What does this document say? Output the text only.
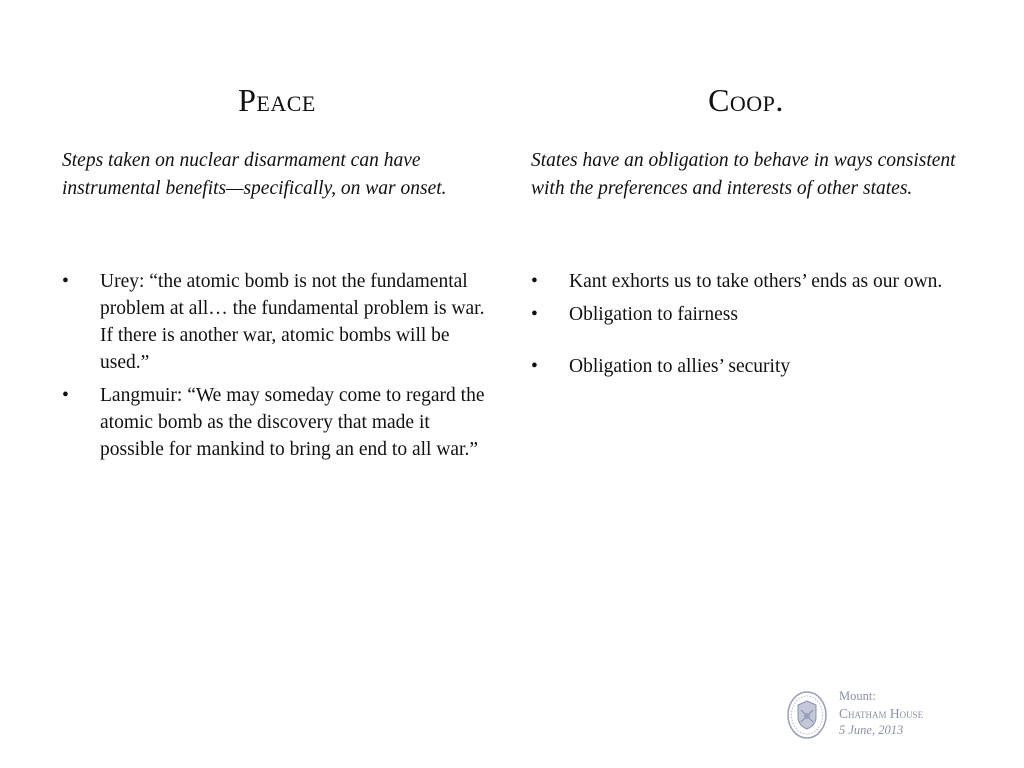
Peace

Steps taken on nuclear disarmament can have instrumental benefits—specifically, on war onset.

•	Urey: “the atomic bomb is not the fundamental problem at all… the fundamental problem is war. If there is another war, atomic bombs will be used.”
•	Langmuir: “We may someday come to regard the atomic bomb as the discovery that made it possible for mankind to bring an end to all war.”
Coop.

States have an obligation to behave in ways consistent with the preferences and interests of other states.

•	Kant exhorts us to take others’ ends as our own.
•	Obligation to fairness
•	Obligation to allies’ security
Mount:
Chatham House
5 June, 2013
